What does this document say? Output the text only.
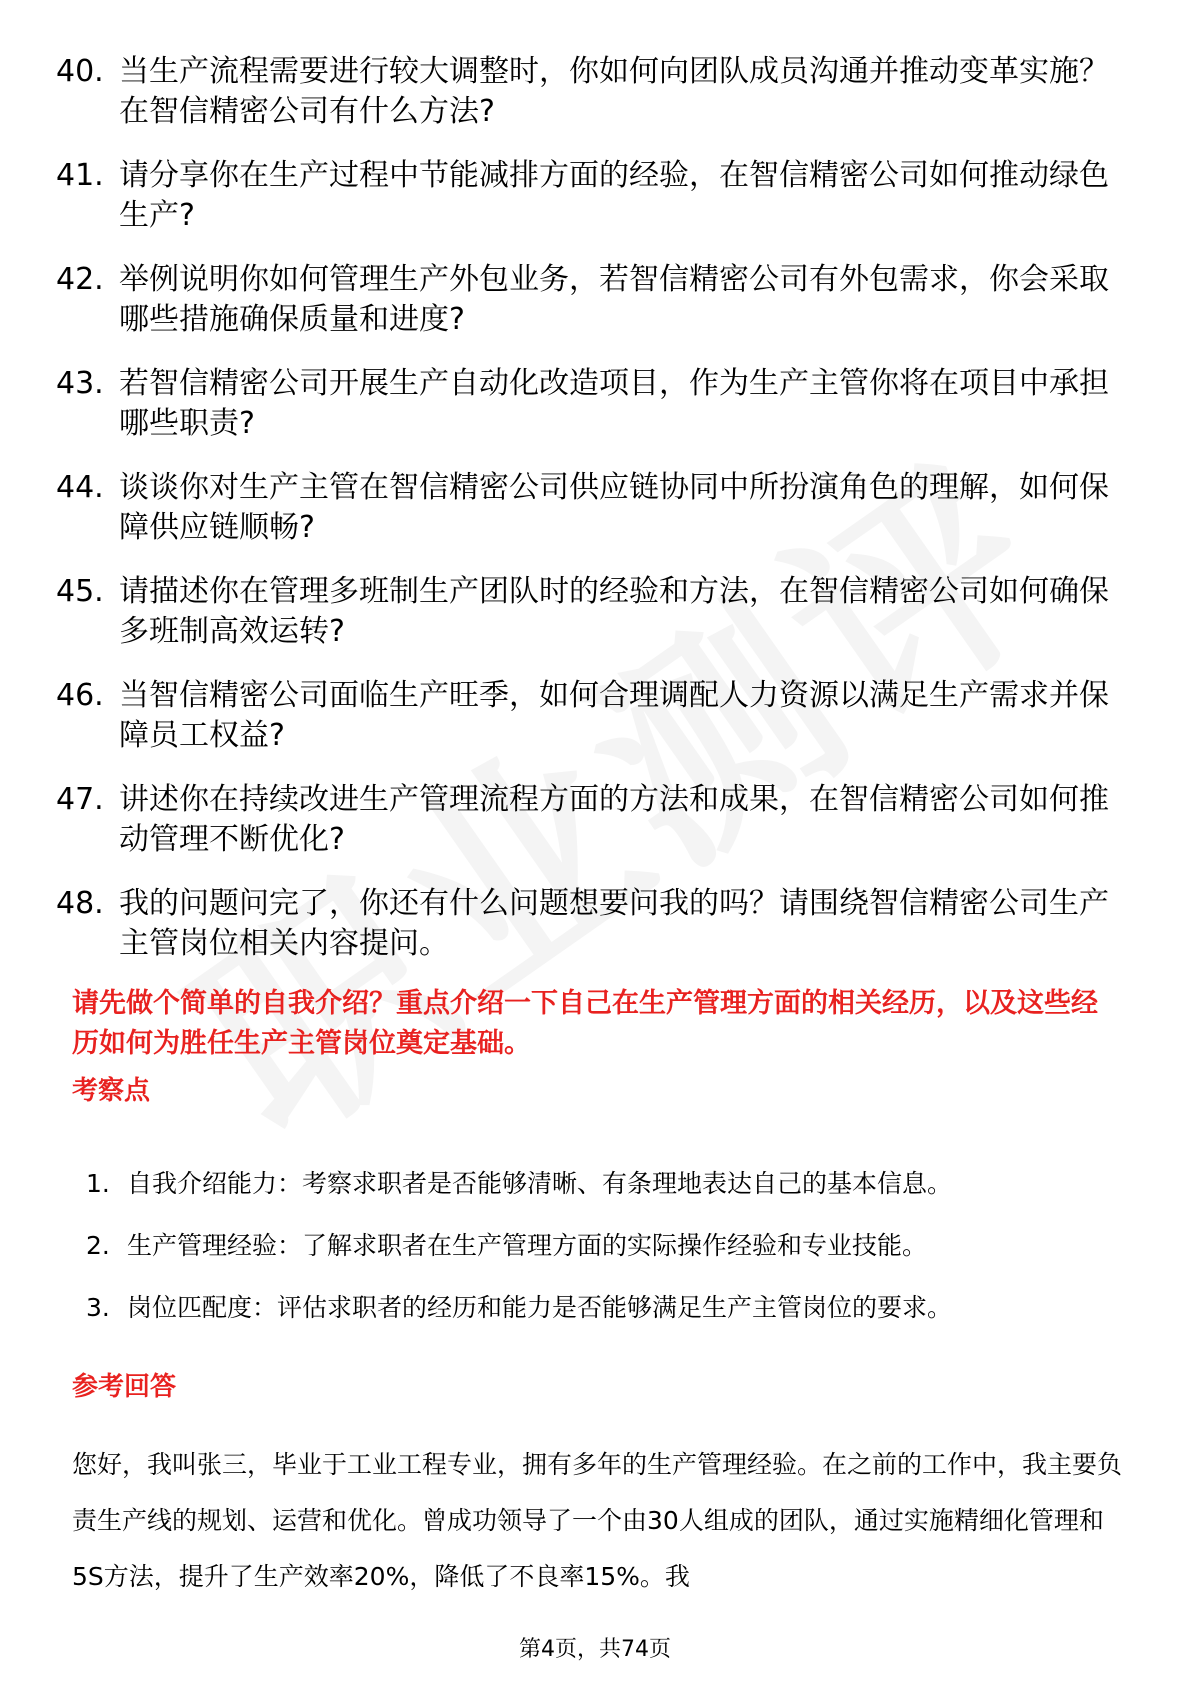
40. 当生产流程需要进行较大调整时，你如何向团队成员沟通并推动变革实施？在智信精密公司有什么方法?
41. 请分享你在生产过程中节能减排方面的经验，在智信精密公司如何推动绿色生产?
42. 举例说明你如何管理生产外包业务，若智信精密公司有外包需求，你会采取哪些措施确保质量和进度?
43. 若智信精密公司开展生产自动化改造项目，作为生产主管你将在项目中承担哪些职责?
44. 谈谈你对生产主管在智信精密公司供应链协同中所扮演角色的理解，如何保障供应链顺畅?
45. 请描述你在管理多班制生产团队时的经验和方法，在智信精密公司如何确保多班制高效运转?
46. 当智信精密公司面临生产旺季，如何合理调配人力资源以满足生产需求并保障员工权益?
47. 讲述你在持续改进生产管理流程方面的方法和成果，在智信精密公司如何推动管理不断优化?
48. 我的问题问完了，你还有什么问题想要问我的吗？请围绕智信精密公司生产主管岗位相关内容提问。

请先做个简单的自我介绍？重点介绍一下自己在生产管理方面的相关经历，以及这些经历如何为胜任生产主管岗位奠定基础。

考察点
1. 自我介绍能力：考察求职者是否能够清晰、有条理地表达自己的基本信息。
2. 生产管理经验：了解求职者在生产管理方面的实际操作经验和专业技能。
3. 岗位匹配度：评估求职者的经历和能力是否能够满足生产主管岗位的要求。
参考回答

您好，我叫张三，毕业于工业工程专业，拥有多年的生产管理经验。在之前的工作中，我主要负责生产线的规划、运营和优化。曾成功领导了一个由30人组成的团队，通过实施精细化管理和5S方法，提升了生产效率20%，降低了不良率15%。我

第4页，共74页
